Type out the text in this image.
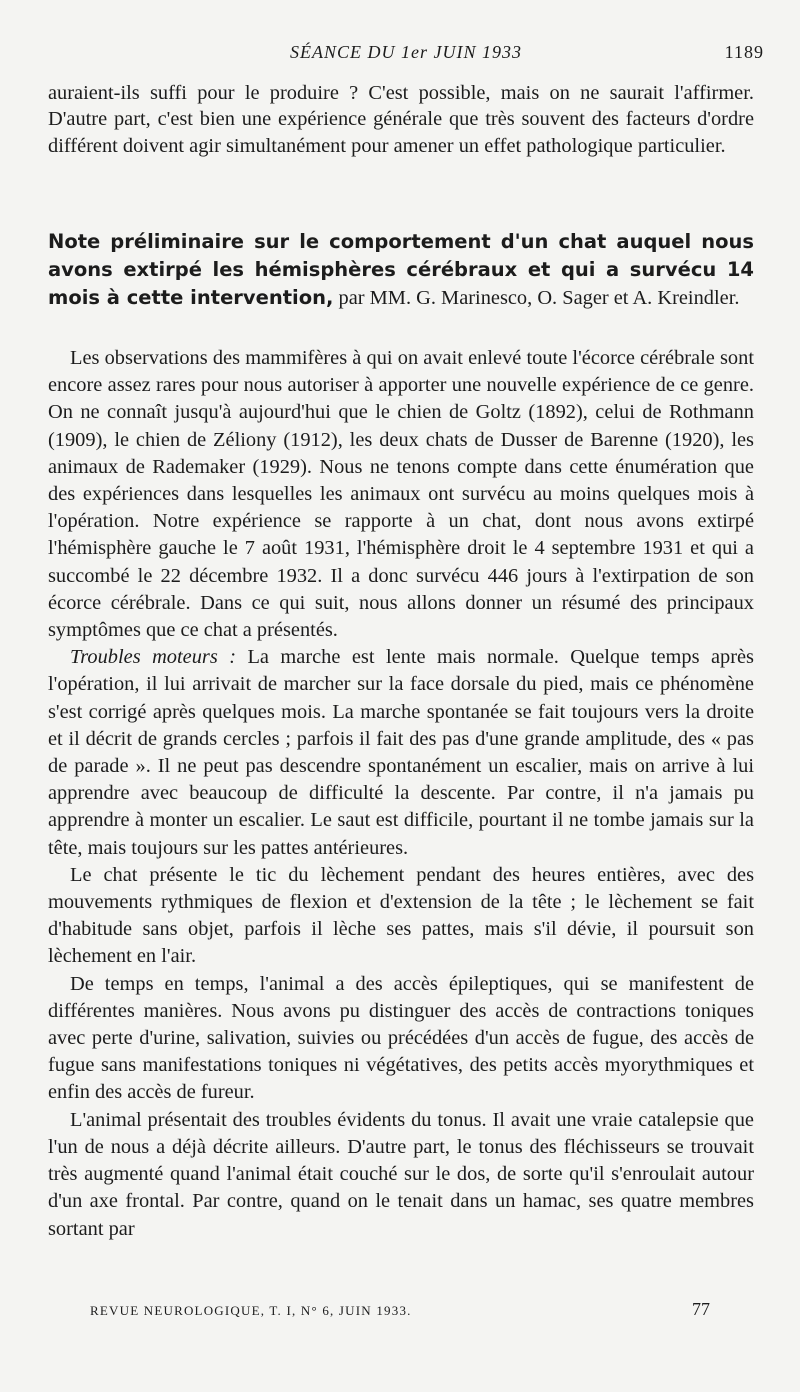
SÉANCE DU 1er JUIN 1933	1189

auraient-ils suffi pour le produire ? C'est possible, mais on ne saurait l'affirmer. D'autre part, c'est bien une expérience générale que très souvent des facteurs d'ordre différent doivent agir simultanément pour amener un effet pathologique particulier.

Note préliminaire sur le comportement d'un chat auquel nous avons extirpé les hémisphères cérébraux et qui a survécu 14 mois à cette intervention, par MM. G. Marinesco, O. Sager et A. Kreindler.

Les observations des mammifères à qui on avait enlevé toute l'écorce cérébrale sont encore assez rares pour nous autoriser à apporter une nouvelle expérience de ce genre. On ne connaît jusqu'à aujourd'hui que le chien de Goltz (1892), celui de Rothmann (1909), le chien de Zéliony (1912), les deux chats de Dusser de Barenne (1920), les animaux de Rademaker (1929). Nous ne tenons compte dans cette énumération que des expériences dans lesquelles les animaux ont survécu au moins quelques mois à l'opération. Notre expérience se rapporte à un chat, dont nous avons extirpé l'hémisphère gauche le 7 août 1931, l'hémisphère droit le 4 septembre 1931 et qui a succombé le 22 décembre 1932. Il a donc survécu 446 jours à l'extirpation de son écorce cérébrale. Dans ce qui suit, nous allons donner un résumé des principaux symptômes que ce chat a présentés.

Troubles moteurs : La marche est lente mais normale. Quelque temps après l'opération, il lui arrivait de marcher sur la face dorsale du pied, mais ce phénomène s'est corrigé après quelques mois. La marche spontanée se fait toujours vers la droite et il décrit de grands cercles ; parfois il fait des pas d'une grande amplitude, des « pas de parade ». Il ne peut pas descendre spontanément un escalier, mais on arrive à lui apprendre avec beaucoup de difficulté la descente. Par contre, il n'a jamais pu apprendre à monter un escalier. Le saut est difficile, pourtant il ne tombe jamais sur la tête, mais toujours sur les pattes antérieures.

Le chat présente le tic du lèchement pendant des heures entières, avec des mouvements rythmiques de flexion et d'extension de la tête ; le lèchement se fait d'habitude sans objet, parfois il lèche ses pattes, mais s'il dévie, il poursuit son lèchement en l'air.

De temps en temps, l'animal a des accès épileptiques, qui se manifestent de différentes manières. Nous avons pu distinguer des accès de contractions toniques avec perte d'urine, salivation, suivies ou précédées d'un accès de fugue, des accès de fugue sans manifestations toniques ni végétatives, des petits accès myorythmiques et enfin des accès de fureur.

L'animal présentait des troubles évidents du tonus. Il avait une vraie catalepsie que l'un de nous a déjà décrite ailleurs. D'autre part, le tonus des fléchisseurs se trouvait très augmenté quand l'animal était couché sur le dos, de sorte qu'il s'enroulait autour d'un axe frontal. Par contre, quand on le tenait dans un hamac, ses quatre membres sortant par

REVUE NEUROLOGIQUE, T. I, N° 6, JUIN 1933.	77
